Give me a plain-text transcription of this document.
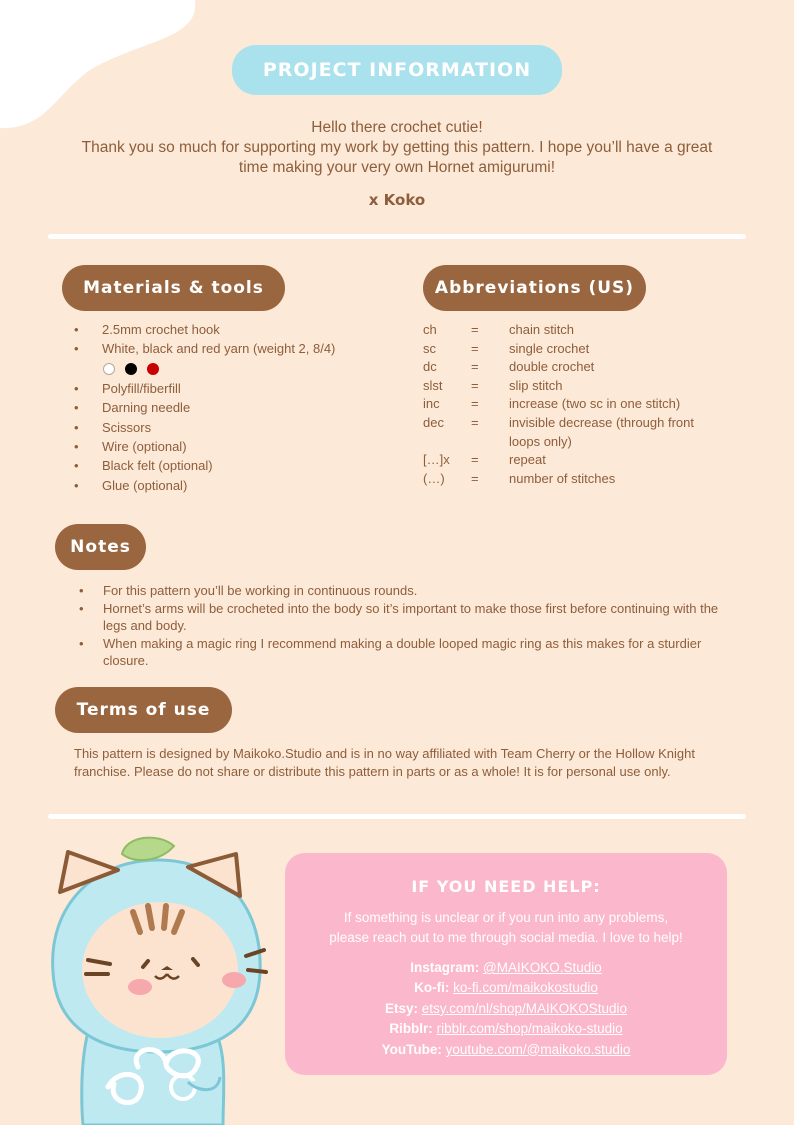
PROJECT INFORMATION
Hello there crochet cutie!
Thank you so much for supporting my work by getting this pattern. I hope you’ll have a great
time making your very own Hornet amigurumi!
x Koko
Materials & tools
• 2.5mm crochet hook
• White, black and red yarn (weight 2, 8/4)
• Polyfill/fiberfill
• Darning needle
• Scissors
• Wire (optional)
• Black felt (optional)
• Glue (optional)
Abbreviations (US)
ch	=	chain stitch
sc	=	single crochet
dc	=	double crochet
slst	=	slip stitch
inc	=	increase (two sc in one stitch)
dec	=	invisible decrease (through front
loops only)
[…]x	=	repeat
(…)	=	number of stitches
Notes
• For this pattern you’ll be working in continuous rounds.
• Hornet’s arms will be crocheted into the body so it’s important to make those first before continuing with the legs and body.
• When making a magic ring I recommend making a double looped magic ring as this makes for a sturdier closure.
Terms of use
This pattern is designed by Maikoko.Studio and is in no way affiliated with Team Cherry or the Hollow Knight franchise. Please do not share or distribute this pattern in parts or as a whole! It is for personal use only.
IF YOU NEED HELP:
If something is unclear or if you run into any problems,
please reach out to me through social media. I love to help!
Instagram: @MAIKOKO.Studio
Ko-fi: ko-fi.com/maikokostudio
Etsy: etsy.com/nl/shop/MAIKOKOStudio
Ribblr: ribblr.com/shop/maikoko-studio
YouTube: youtube.com/@maikoko.studio
